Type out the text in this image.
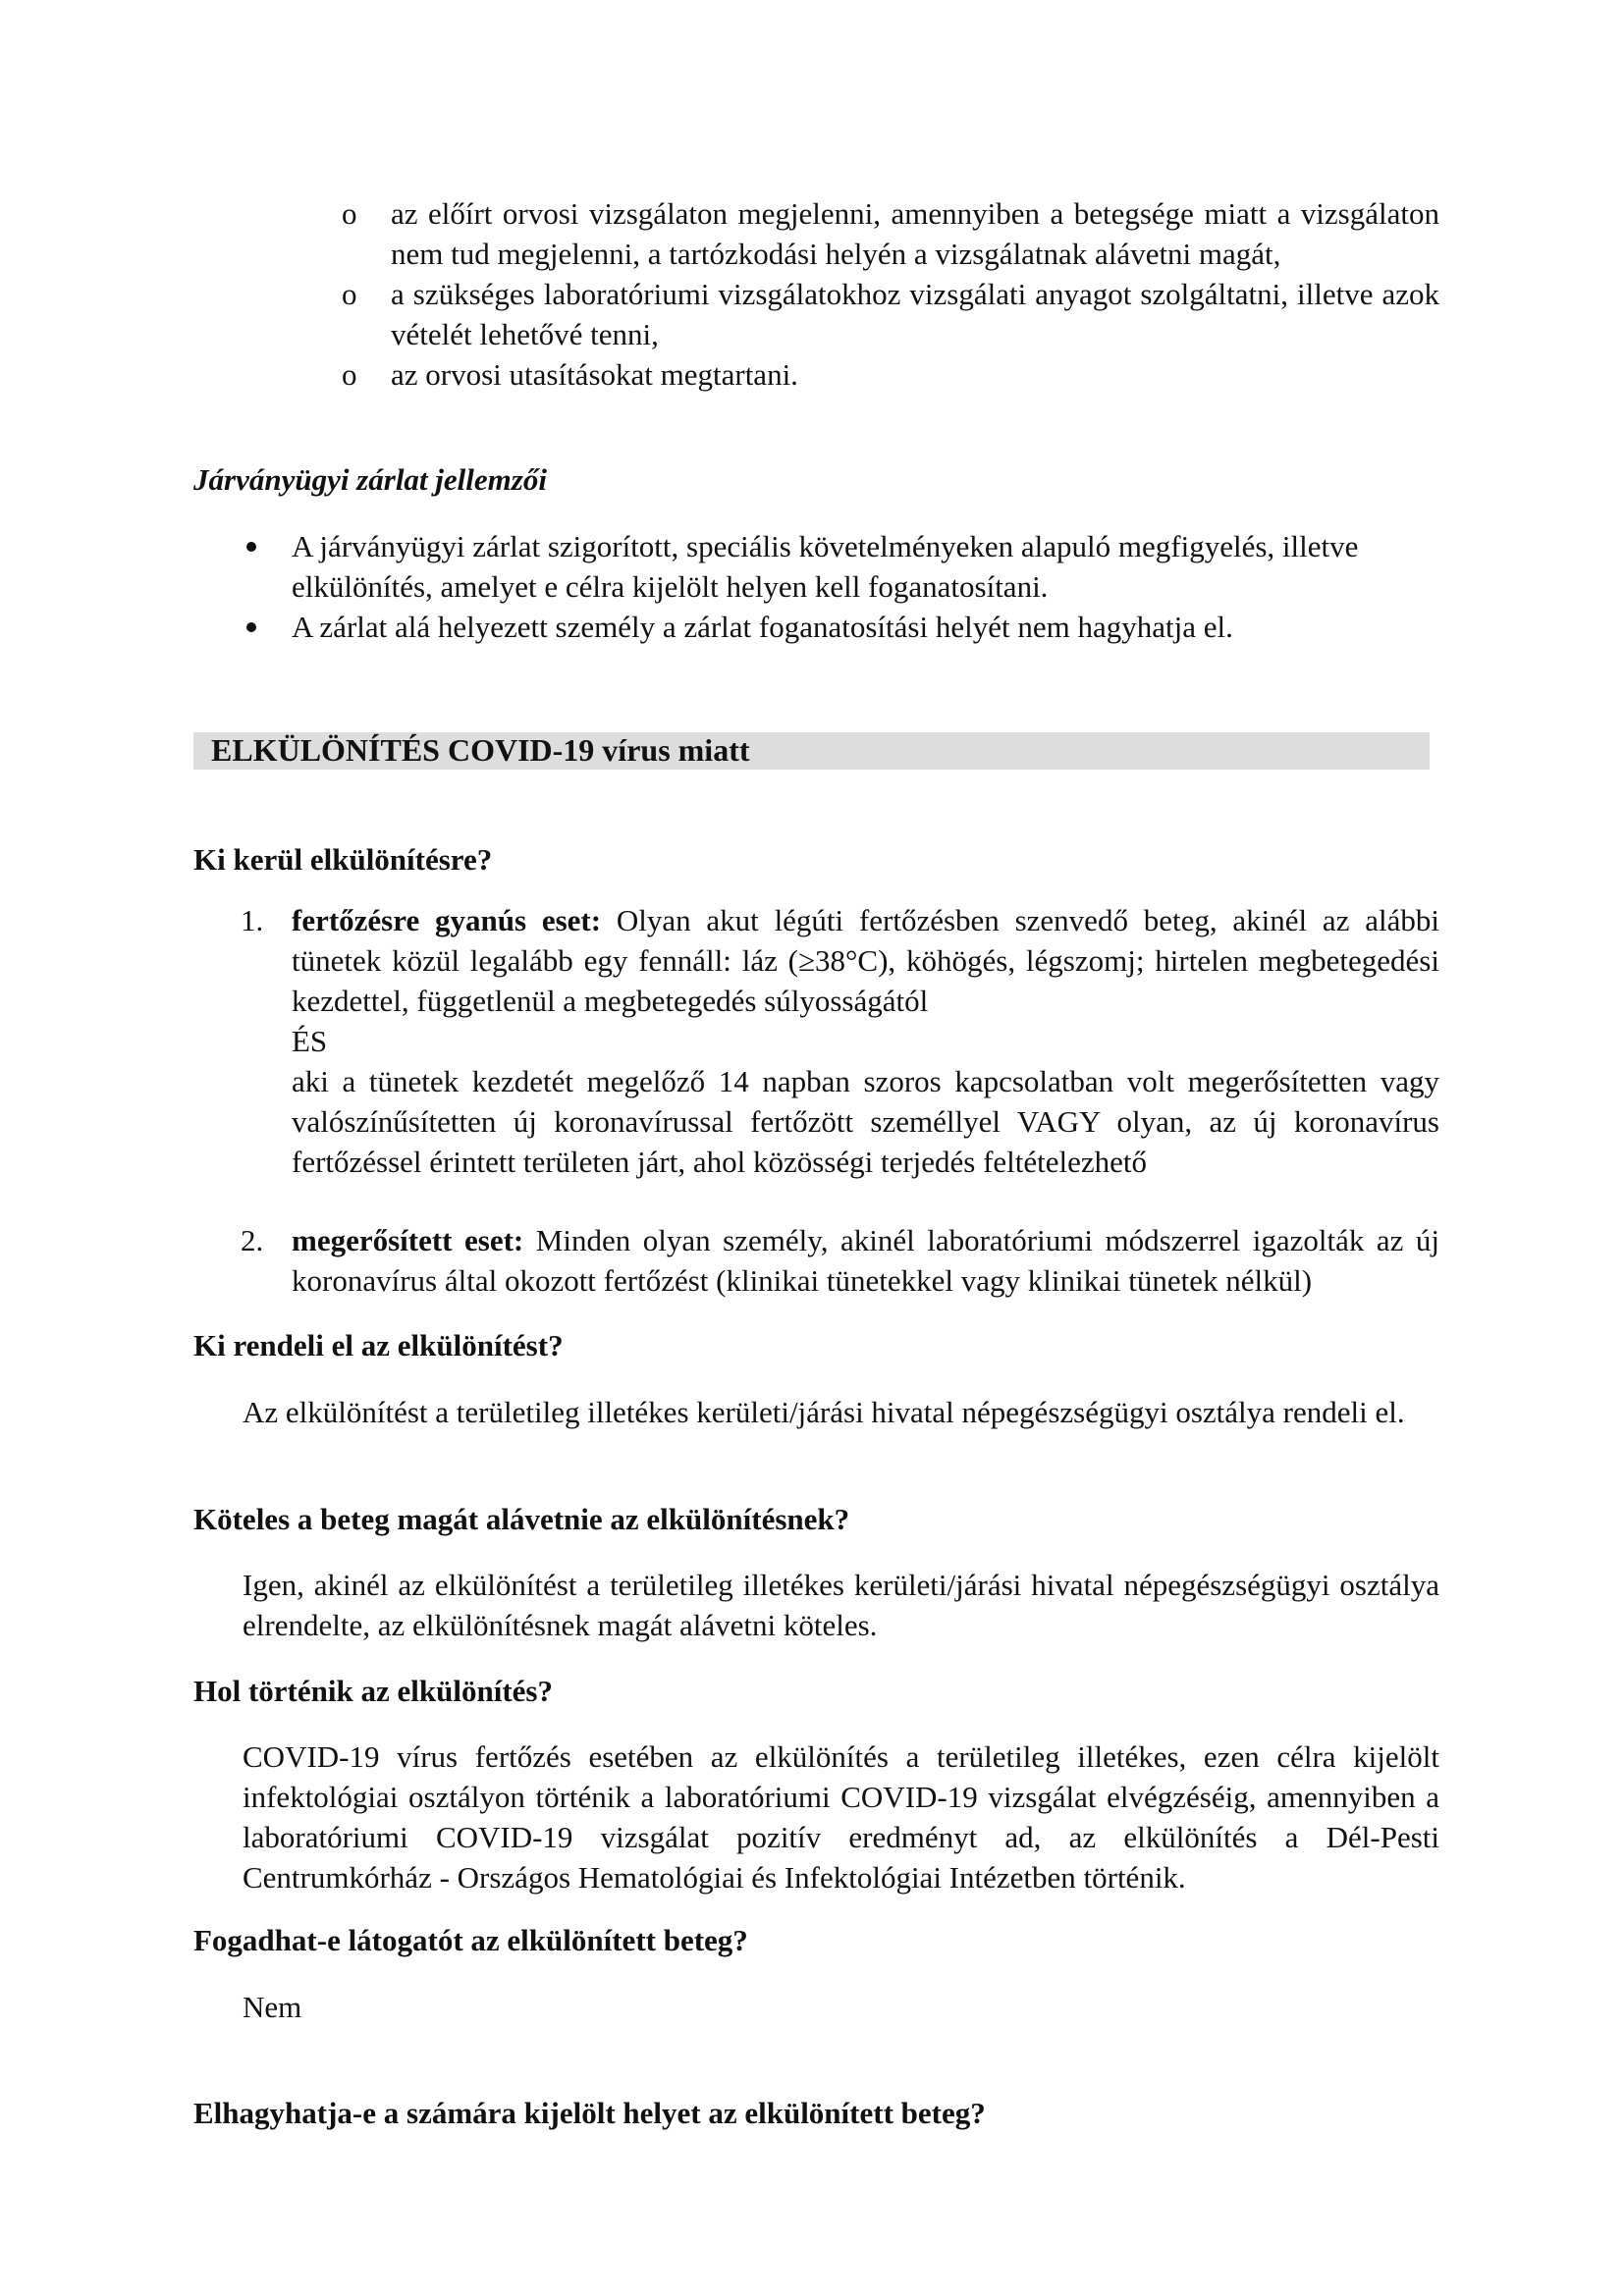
o	az előírt orvosi vizsgálaton megjelenni, amennyiben a betegsége miatt a vizsgálaton nem tud megjelenni, a tartózkodási helyén a vizsgálatnak alávetni magát,
o	a szükséges laboratóriumi vizsgálatokhoz vizsgálati anyagot szolgáltatni, illetve azok vételét lehetővé tenni,
o	az orvosi utasításokat megtartani.
Járványügyi zárlat jellemzői
A járványügyi zárlat szigorított, speciális követelményeken alapuló megfigyelés, illetve elkülönítés, amelyet e célra kijelölt helyen kell foganatosítani.
A zárlat alá helyezett személy a zárlat foganatosítási helyét nem hagyhatja el.
ELKÜLÖNÍTÉS COVID-19 vírus miatt
Ki kerül elkülönítésre?
1. fertőzésre gyanús eset: Olyan akut légúti fertőzésben szenvedő beteg, akinél az alábbi tünetek közül legalább egy fennáll: láz (≥38°C), köhögés, légszomj; hirtelen megbetegedési kezdettel, függetlenül a megbetegedés súlyosságától
ÉS
aki a tünetek kezdetét megelőző 14 napban szoros kapcsolatban volt megerősítetten vagy valószínűsítetten új koronavírussal fertőzött személlyel VAGY olyan, az új koronavírus fertőzéssel érintett területen járt, ahol közösségi terjedés feltételezhető
2. megerősített eset: Minden olyan személy, akinél laboratóriumi módszerrel igazolták az új koronavírus által okozott fertőzést (klinikai tünetekkel vagy klinikai tünetek nélkül)
Ki rendeli el az elkülönítést?
Az elkülönítést a területileg illetékes kerületi/járási hivatal népegészségügyi osztálya rendeli el.
Köteles a beteg magát alávetnie az elkülönítésnek?
Igen, akinél az elkülönítést a területileg illetékes kerületi/járási hivatal népegészségügyi osztálya elrendelte, az elkülönítésnek magát alávetni köteles.
Hol történik az elkülönítés?
COVID-19 vírus fertőzés esetében az elkülönítés a területileg illetékes, ezen célra kijelölt infektológiai osztályon történik a laboratóriumi COVID-19 vizsgálat elvégzéséig, amennyiben a laboratóriumi COVID-19 vizsgálat pozitív eredményt ad, az elkülönítés a Dél-Pesti Centrumkórház - Országos Hematológiai és Infektológiai Intézetben történik.
Fogadhat-e látogatót az elkülönített beteg?
Nem
Elhagyhatja-e a számára kijelölt helyet az elkülönített beteg?
